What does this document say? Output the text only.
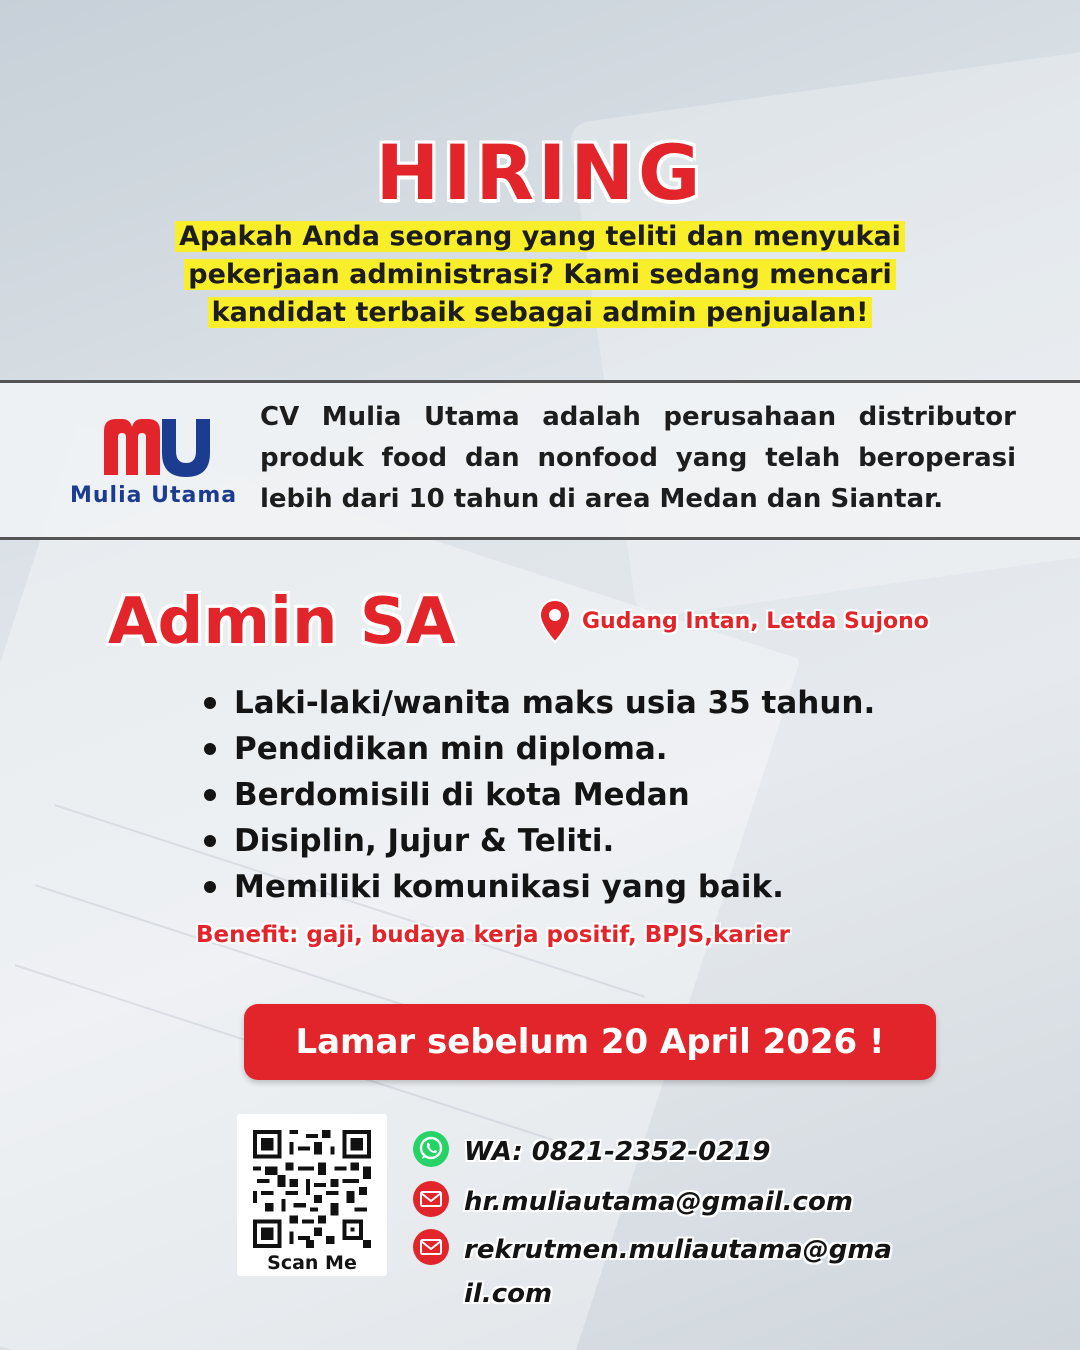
HIRING
Apakah Anda seorang yang teliti dan menyukai
pekerjaan administrasi? Kami sedang mencari
kandidat terbaik sebagai admin penjualan!
Mulia Utama
CV Mulia Utama adalah perusahaan distributor produk food dan nonfood yang telah beroperasi lebih dari 10 tahun di area Medan dan Siantar.
Admin SA	Gudang Intan, Letda Sujono
Laki-laki/wanita maks usia 35 tahun.
Pendidikan min diploma.
Berdomisili di kota Medan
Disiplin, Jujur & Teliti.
Memiliki komunikasi yang baik.
Benefit: gaji, budaya kerja positif, BPJS,karier
Lamar sebelum 20 April 2026 !
Scan Me
WA: 0821-2352-0219
hr.muliautama@gmail.com
rekrutmen.muliautama@gma
il.com
